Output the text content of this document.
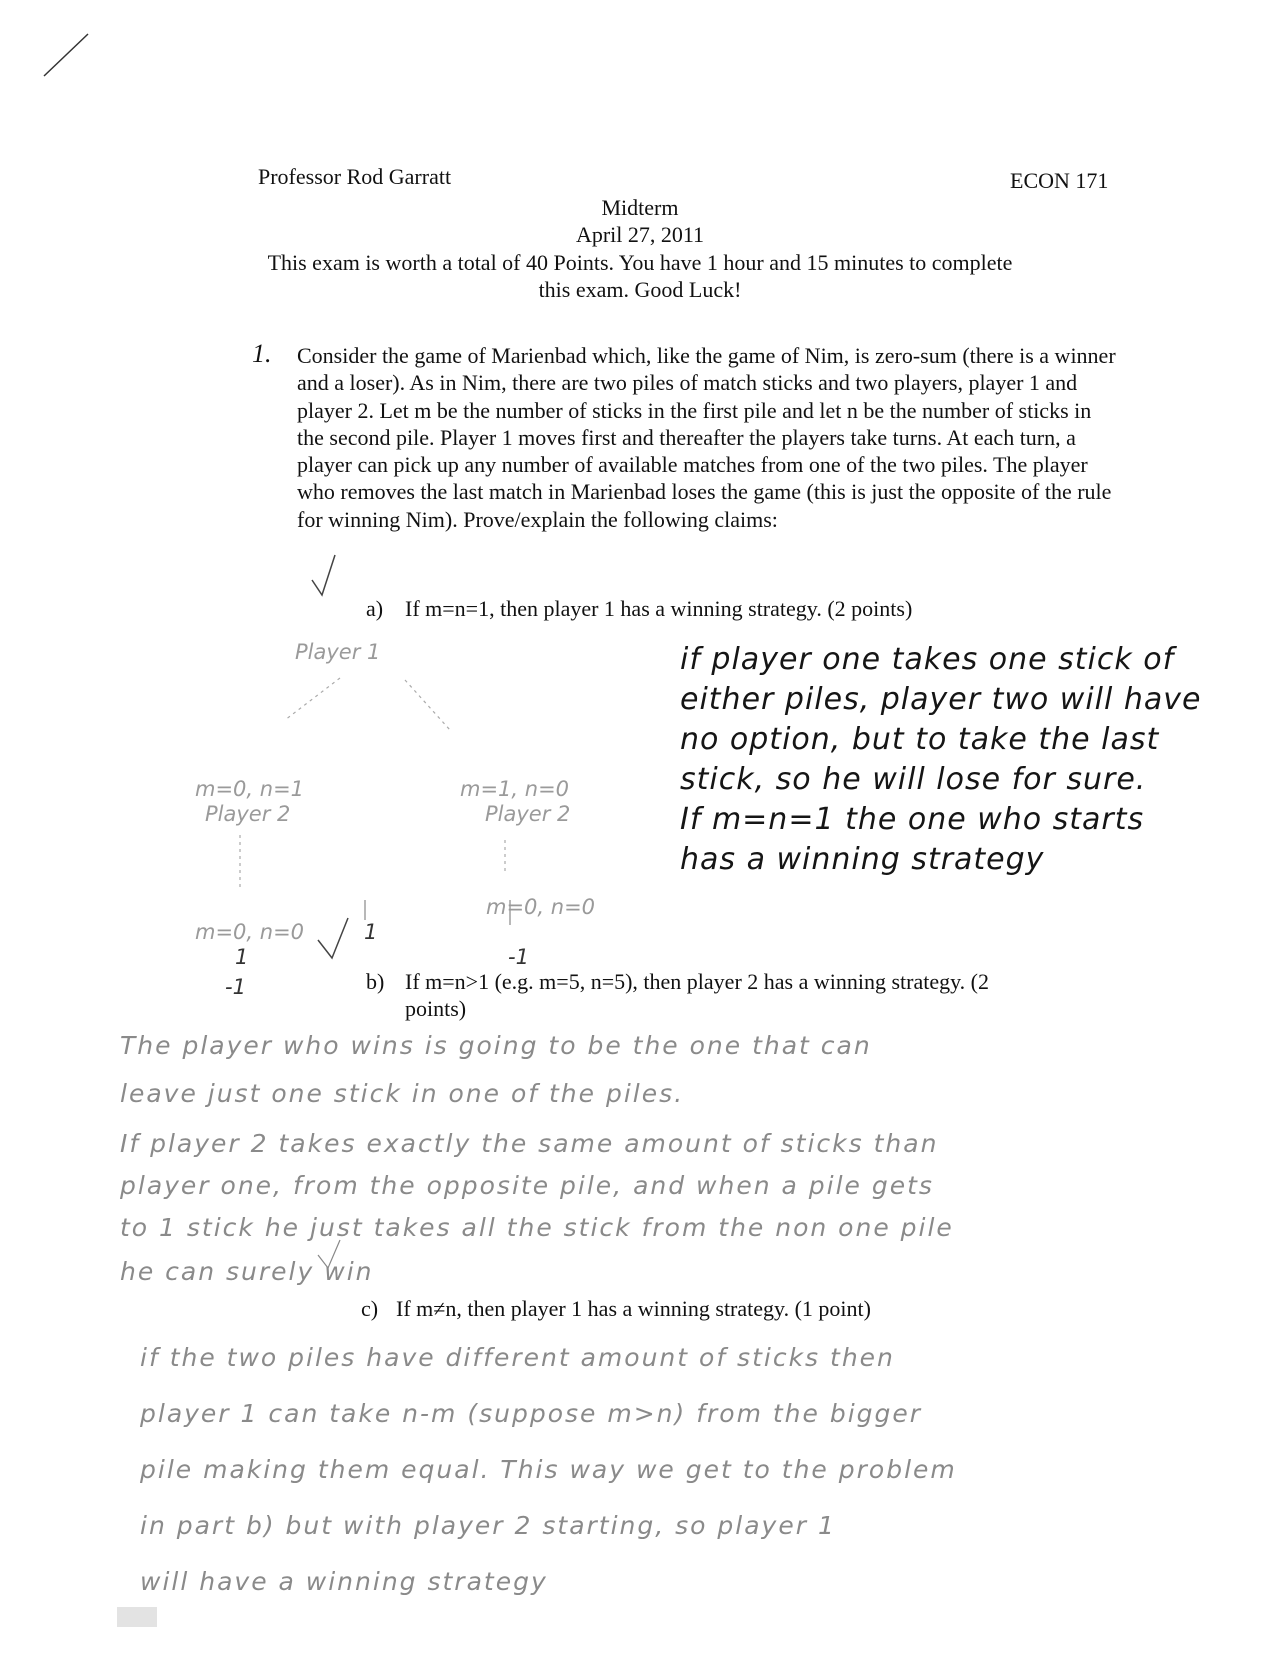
Professor Rod Garratt	ECON 171
Midterm
April 27, 2011
This exam is worth a total of 40 Points. You have 1 hour and 15 minutes to complete
this exam. Good Luck!
1. Consider the game of Marienbad which, like the game of Nim, is zero-sum (there is a winner and a loser). As in Nim, there are two piles of match sticks and two players, player 1 and player 2. Let m be the number of sticks in the first pile and let n be the number of sticks in the second pile. Player 1 moves first and thereafter the players take turns. At each turn, a player can pick up any number of available matches from one of the two piles. The player who removes the last match in Marienbad loses the game (this is just the opposite of the rule for winning Nim). Prove/explain the following claims:
a) If m=n=1, then player 1 has a winning strategy. (2 points)
if player one takes one stick of
either piles, player two will have
no option, but to take the last
stick, so he will lose for sure.
If m=n=1 the one who starts
has a winning strategy
Player 1
m=0, n=1
Player 2
m=1, n=0
Player 2
m=0, n=0
m=0, n=0
1
-1
-1
1
b) If m=n>1 (e.g. m=5, n=5), then player 2 has a winning strategy. (2
points)
The player who wins is going to be the one that can
leave just one stick in one of the piles.
If player 2 takes exactly the same amount of sticks than
player one, from the opposite pile, and when a pile gets
to 1 stick he just takes all the stick from the non one pile
he can surely win
c) If m≠n, then player 1 has a winning strategy. (1 point)
if the two piles have different amount of sticks then
player 1 can take n-m (suppose m>n) from the bigger
pile making them equal. This way we get to the problem
in part b) but with player 2 starting, so player 1
will have a winning strategy
